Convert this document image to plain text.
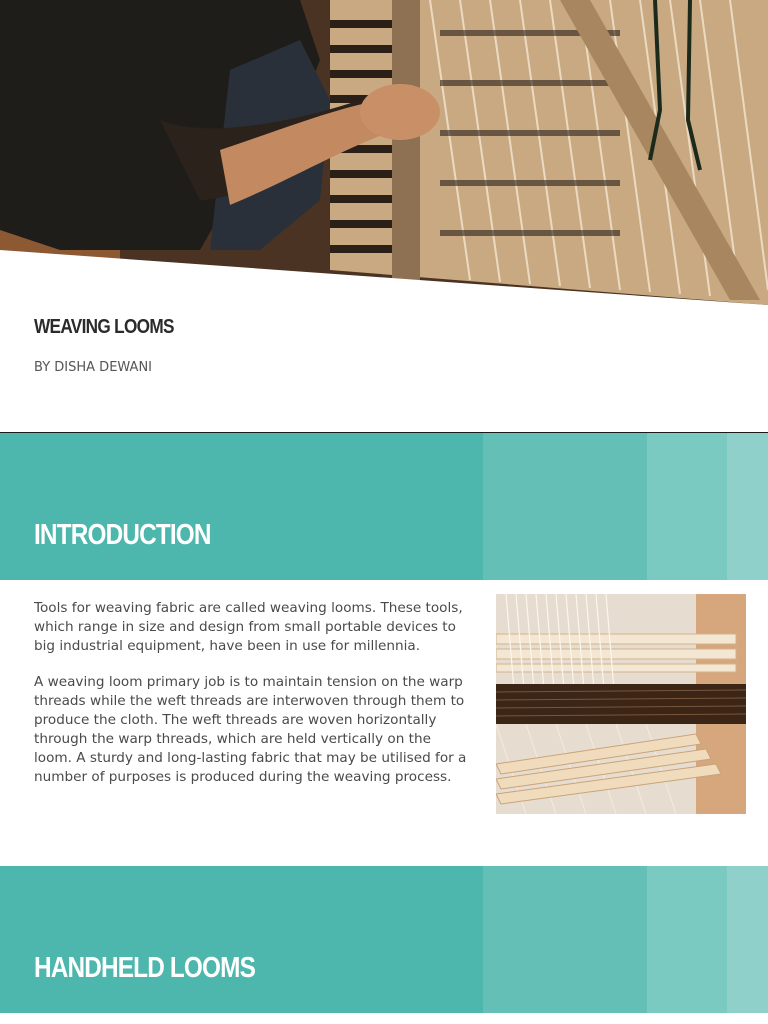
WEAVING LOOMS
BY DISHA DEWANI
INTRODUCTION

Tools for weaving fabric are called weaving looms. These tools, which range in size and design from small portable devices to big industrial equipment, have been in use for millennia.

A weaving loom primary job is to maintain tension on the warp threads while the weft threads are interwoven through them to produce the cloth. The weft threads are woven horizontally through the warp threads, which are held vertically on the loom. A sturdy and long-lasting fabric that may be utilised for a number of purposes is produced during the weaving process.

HANDHELD LOOMS
